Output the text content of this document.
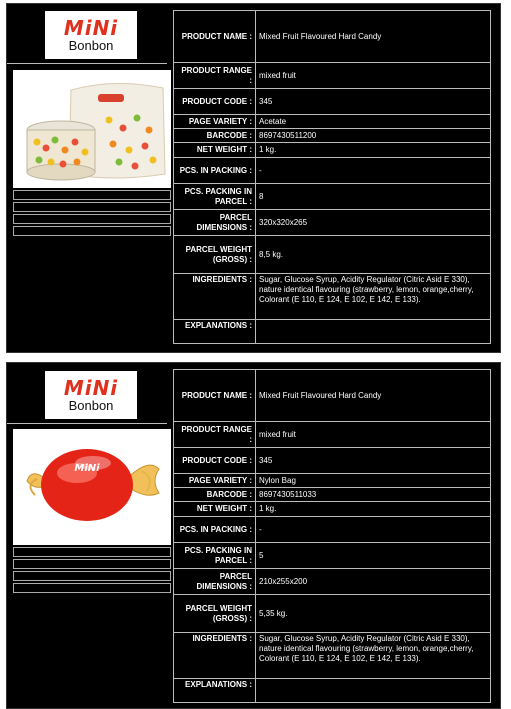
MiNi
Bonbon
PRODUCT NAME :	Mixed Fruit Flavoured Hard Candy
PRODUCT RANGE :	mixed fruit
PRODUCT CODE :	345
PAGE VARIETY :	Acetate
BARCODE :	8697430511200
NET WEIGHT :	1 kg.
PCS. IN PACKING :	-
PCS. PACKING IN PARCEL :	8
PARCEL DIMENSIONS :	320x320x265
PARCEL WEIGHT (GROSS) :	8,5 kg.
INGREDIENTS :	Sugar, Glucose Syrup, Acidity Regulator (Citric Asid E 330), nature identical flavouring (strawberry, lemon, orange,cherry, Colorant (E 110, E 124, E 102, E 142, E 133).
EXPLANATIONS :	
MiNi
Bonbon
MiNi
PRODUCT NAME :	Mixed Fruit Flavoured Hard Candy
PRODUCT RANGE :	mixed fruit
PRODUCT CODE :	345
PAGE VARIETY :	Nylon Bag
BARCODE :	8697430511033
NET WEIGHT :	1 kg.
PCS. IN PACKING :	-
PCS. PACKING IN PARCEL :	5
PARCEL DIMENSIONS :	210x255x200
PARCEL WEIGHT (GROSS) :	5,35 kg.
INGREDIENTS :	Sugar, Glucose Syrup, Acidity Regulator (Citric Asid E 330), nature identical flavouring (strawberry, lemon, orange,cherry, Colorant (E 110, E 124, E 102, E 142, E 133).
EXPLANATIONS :	
